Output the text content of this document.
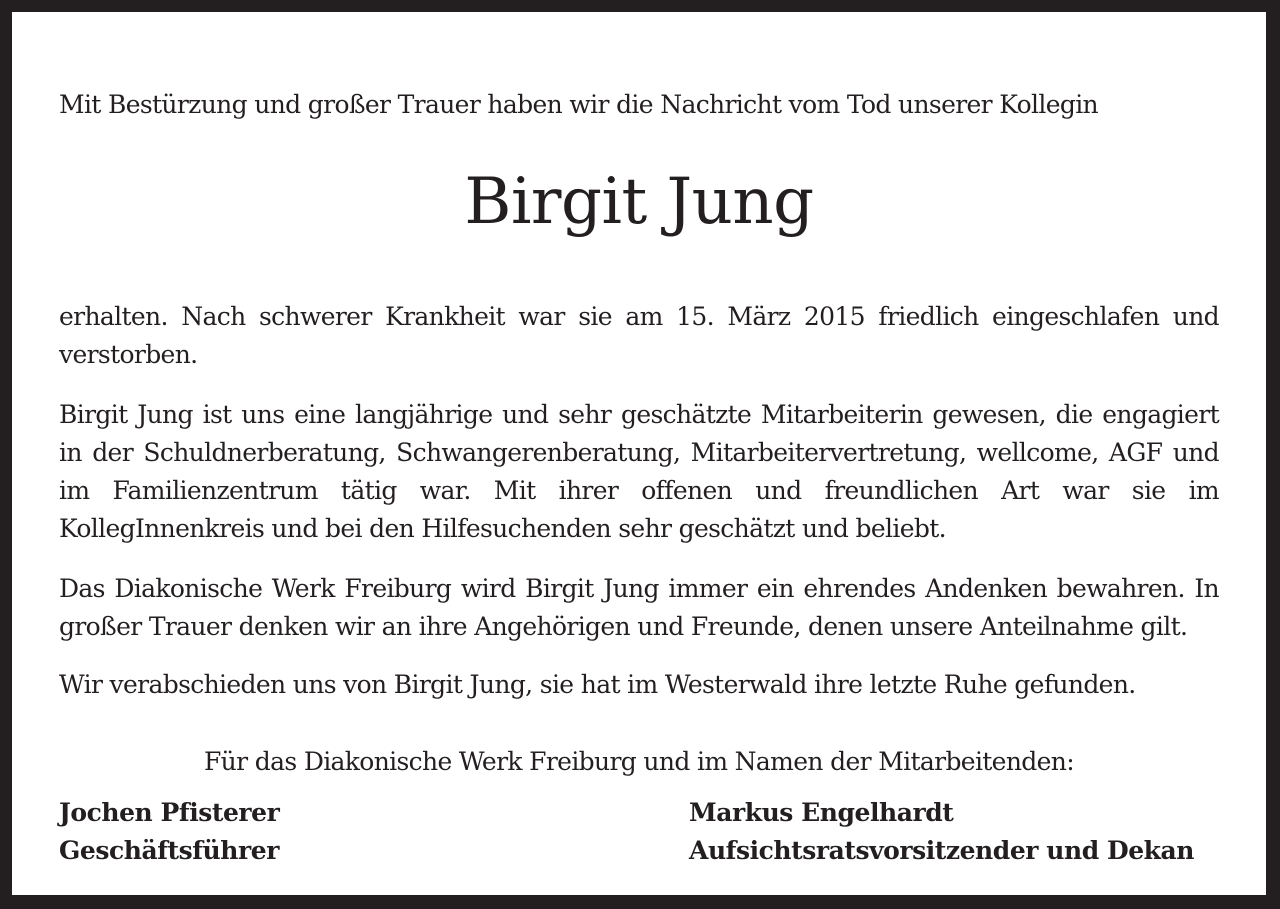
Mit Bestürzung und großer Trauer haben wir die Nachricht vom Tod unserer Kollegin

Birgit Jung

erhalten. Nach schwerer Krankheit war sie am 15. März 2015 friedlich eingeschlafen und verstorben.

Birgit Jung ist uns eine langjährige und sehr geschätzte Mitarbeiterin gewesen, die engagiert in der Schuldnerberatung, Schwangerenberatung, Mitarbeitervertretung, wellcome, AGF und im Familienzentrum tätig war. Mit ihrer offenen und freundlichen Art war sie im KollegInnenkreis und bei den Hilfesuchenden sehr geschätzt und beliebt.

Das Diakonische Werk Freiburg wird Birgit Jung immer ein ehrendes Andenken bewahren. In großer Trauer denken wir an ihre Angehörigen und Freunde, denen unsere Anteilnahme gilt.

Wir verabschieden uns von Birgit Jung, sie hat im Westerwald ihre letzte Ruhe gefunden.

Für das Diakonische Werk Freiburg und im Namen der Mitarbeitenden:

Jochen Pfisterer
Geschäftsführer
Markus Engelhardt
Aufsichtsratsvorsitzender und Dekan
